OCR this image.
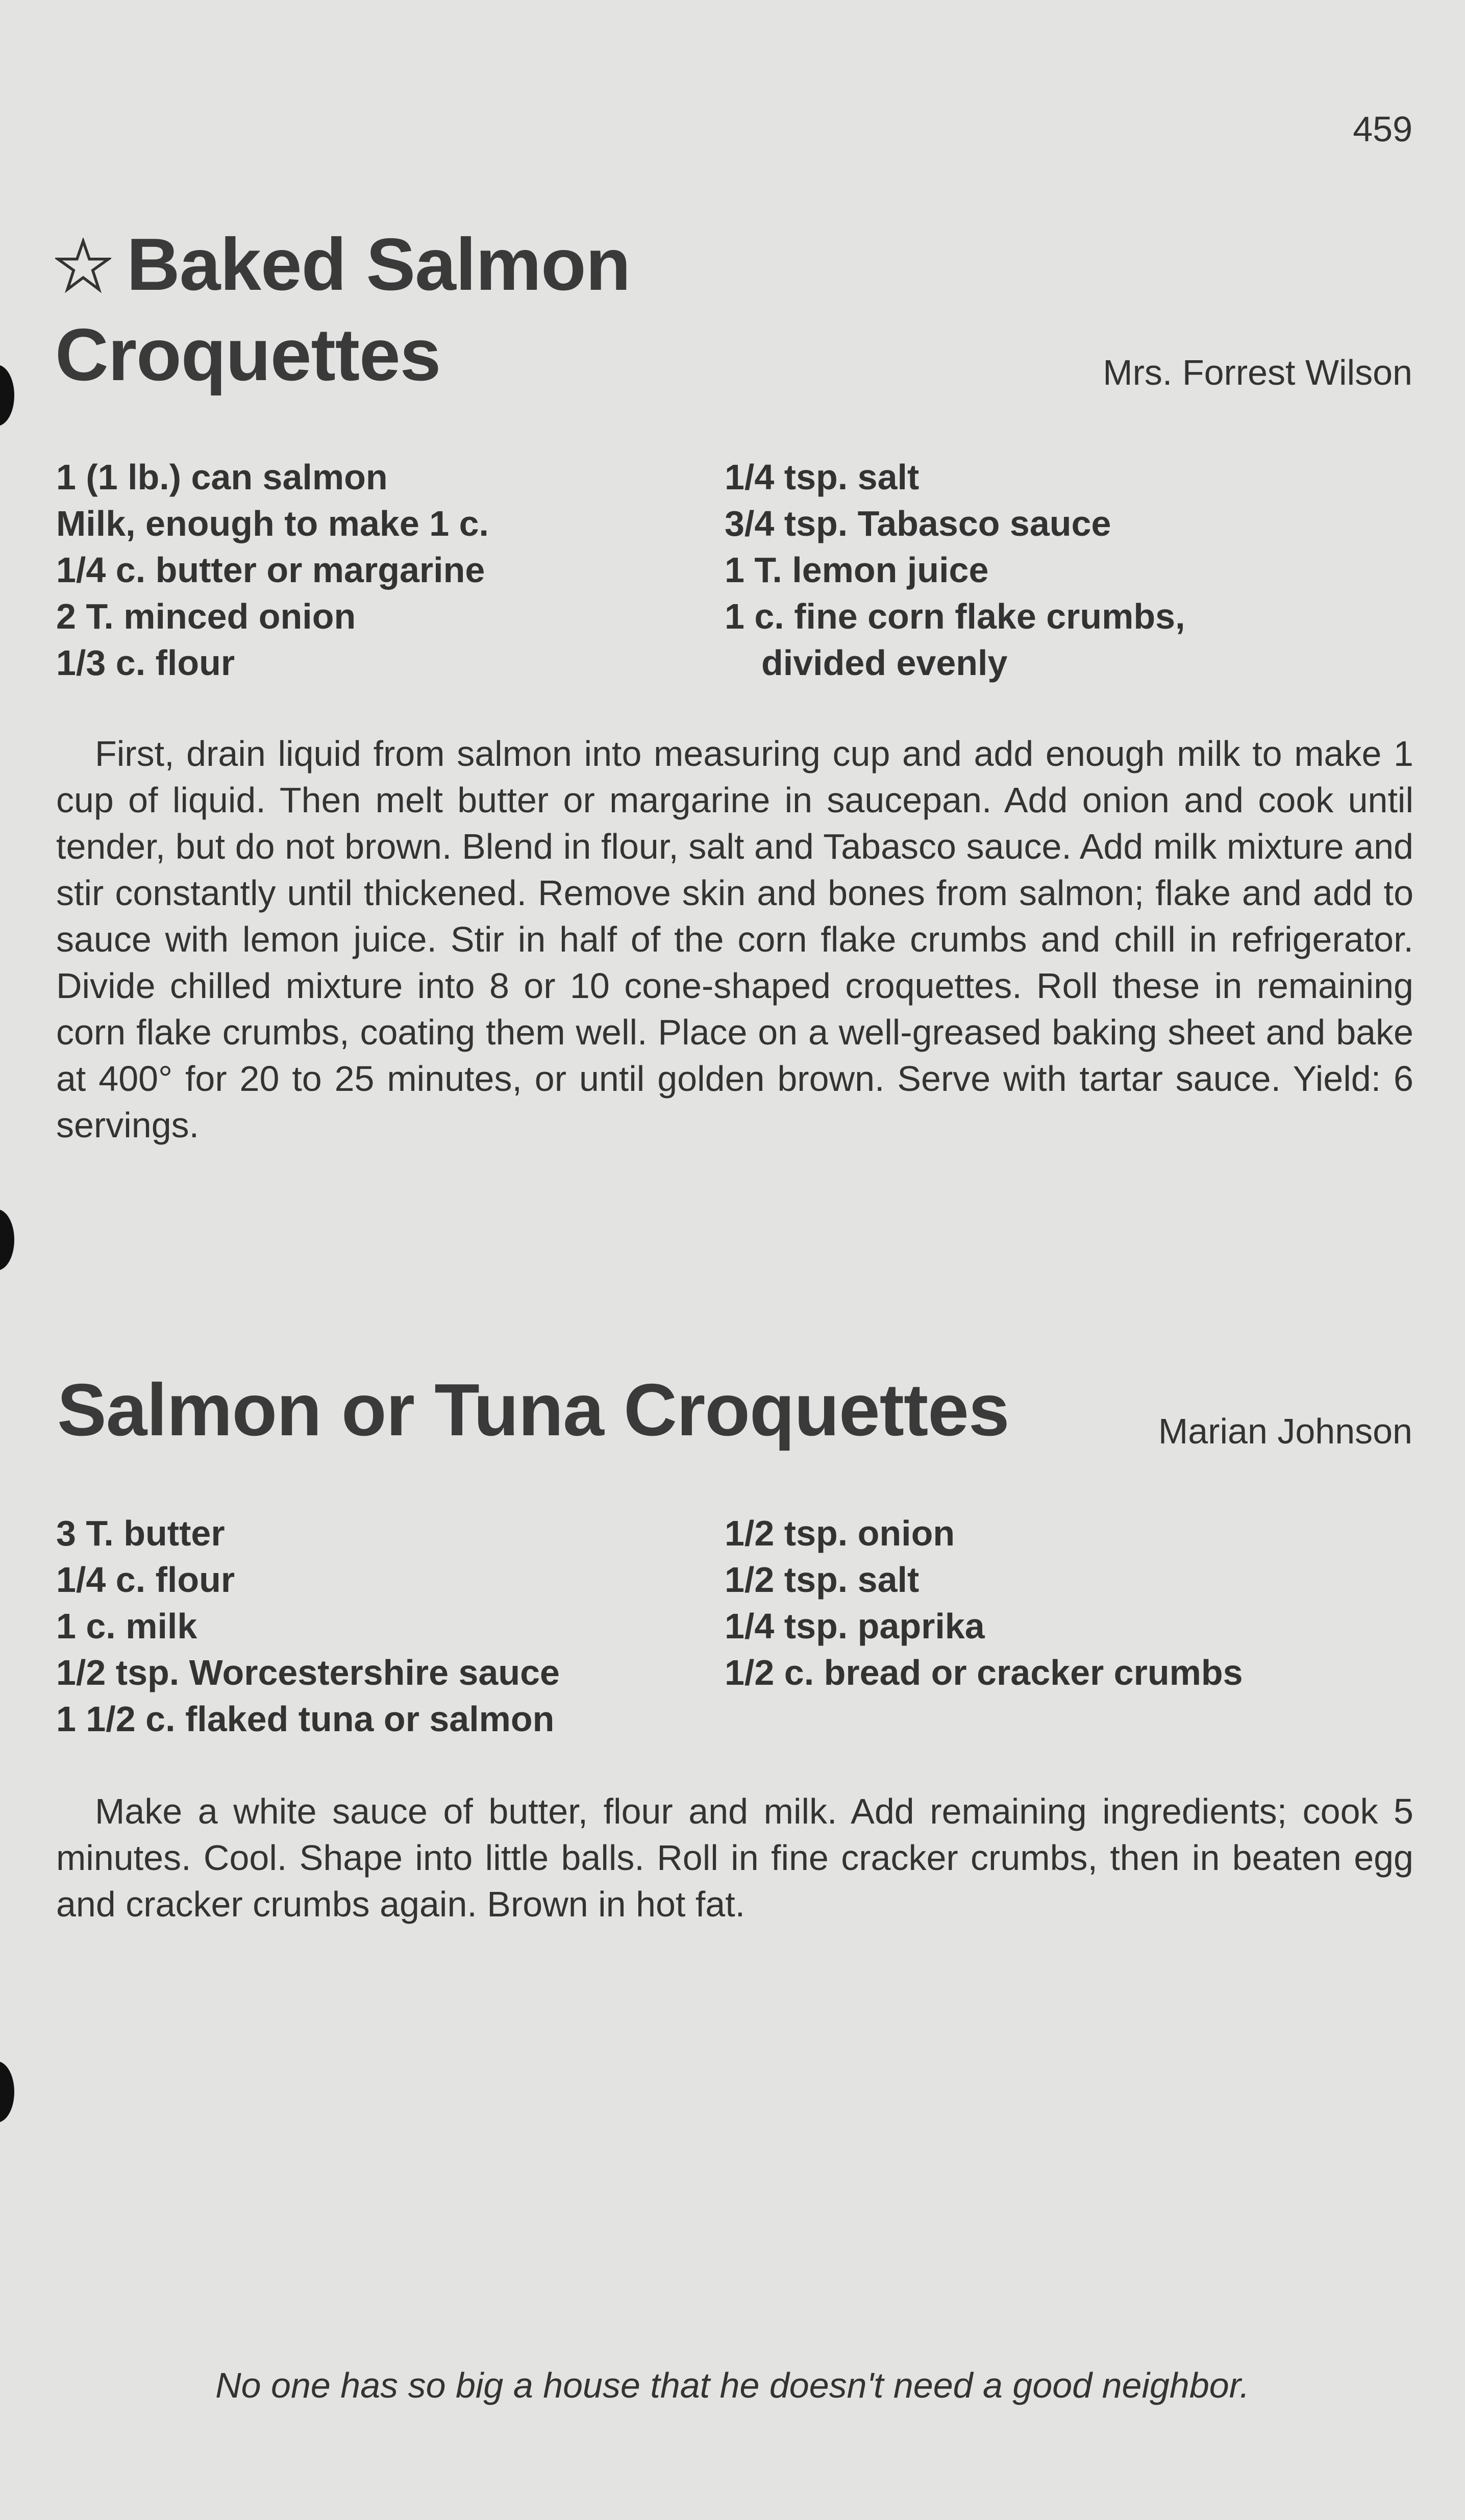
459
Baked Salmon
Croquettes	Mrs. Forrest Wilson
1 (1 lb.) can salmon
Milk, enough to make 1 c.
1/4 c. butter or margarine
2 T. minced onion
1/3 c. flour
1/4 tsp. salt
3/4 tsp. Tabasco sauce
1 T. lemon juice
1 c. fine corn flake crumbs,
divided evenly

First, drain liquid from salmon into measuring cup and add enough milk to make 1 cup of liquid. Then melt butter or margarine in saucepan. Add onion and cook until tender, but do not brown. Blend in flour, salt and Tabasco sauce. Add milk mixture and stir constantly until thickened. Remove skin and bones from salmon; flake and add to sauce with lemon juice. Stir in half of the corn flake crumbs and chill in refrigerator. Divide chilled mixture into 8 or 10 cone-shaped croquettes. Roll these in remaining corn flake crumbs, coating them well. Place on a well-greased baking sheet and bake at 400° for 20 to 25 minutes, or until golden brown. Serve with tartar sauce. Yield: 6 servings.

Salmon or Tuna Croquettes	Marian Johnson
3 T. butter
1/4 c. flour
1 c. milk
1/2 tsp. Worcestershire sauce
1 1/2 c. flaked tuna or salmon
1/2 tsp. onion
1/2 tsp. salt
1/4 tsp. paprika
1/2 c. bread or cracker crumbs

Make a white sauce of butter, flour and milk. Add remaining ingredients; cook 5 minutes. Cool. Shape into little balls. Roll in fine cracker crumbs, then in beaten egg and cracker crumbs again. Brown in hot fat.

No one has so big a house that he doesn't need a good neighbor.
